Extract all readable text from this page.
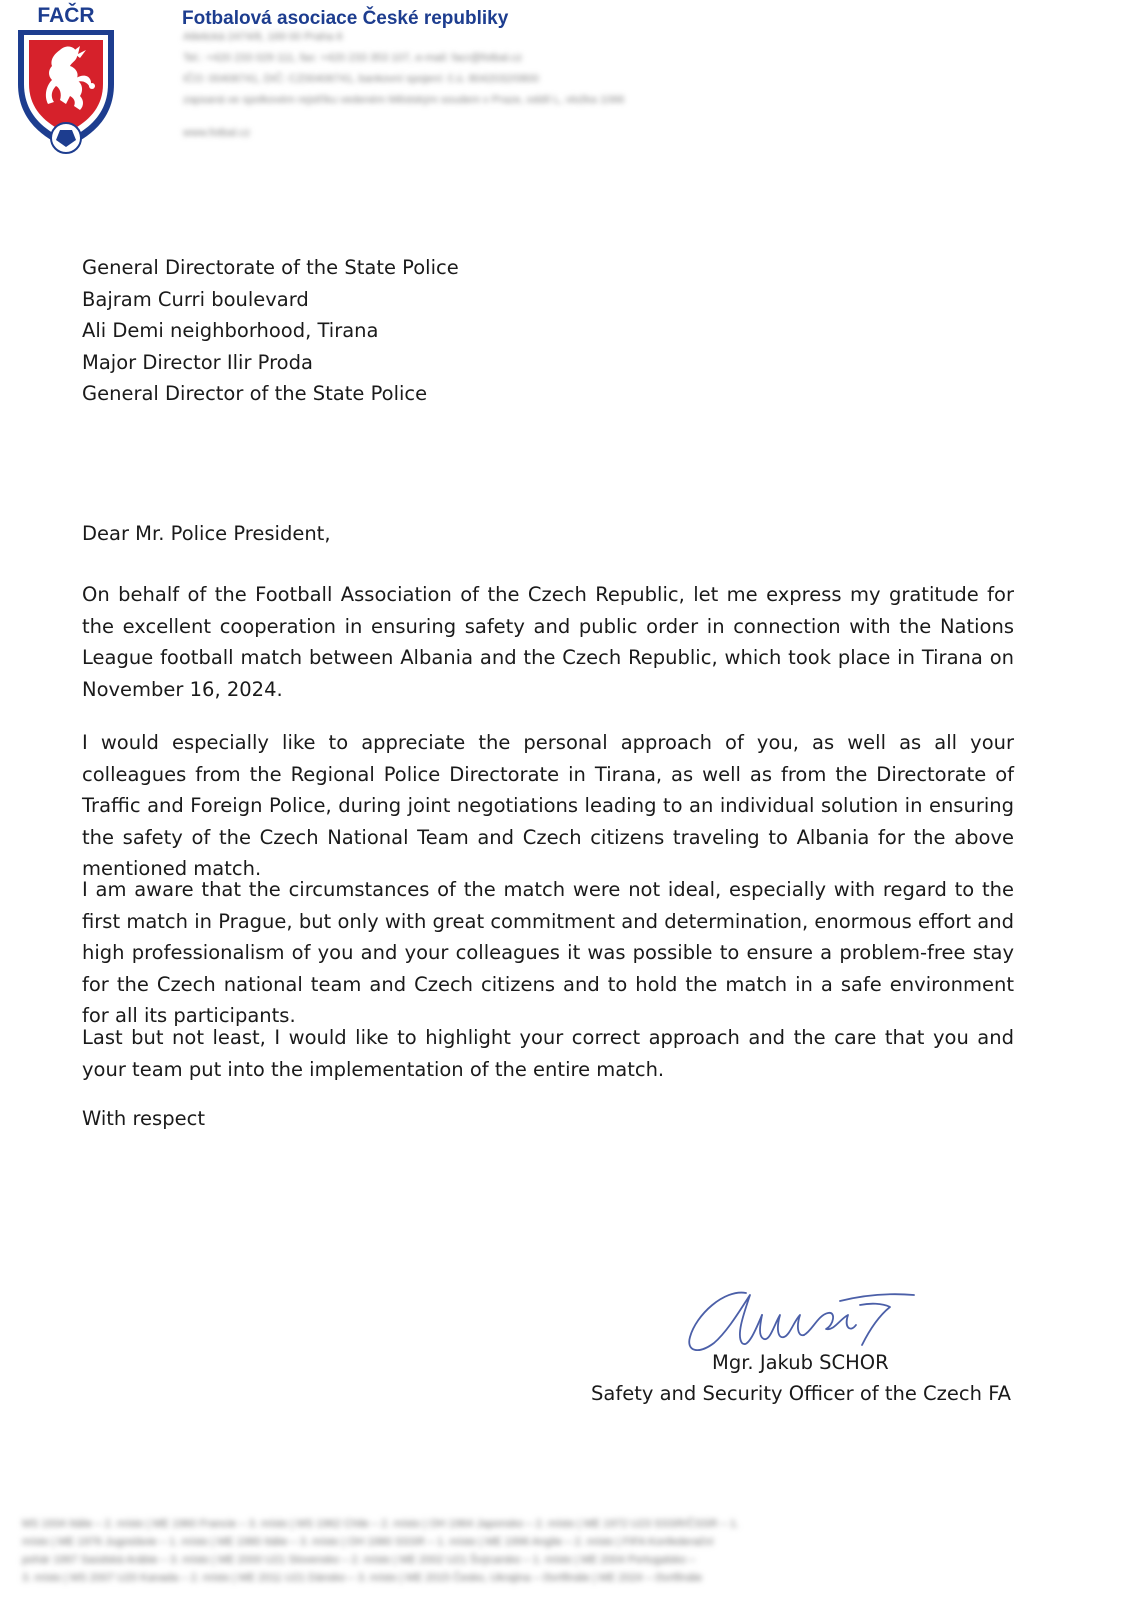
FAČR	Fotbalová asociace České republiky
Atletická 2474/8, 169 00 Praha 6
Tel.: +420 233 029 111, fax: +420 233 353 107, e-mail: facr@fotbal.cz
IČO: 00406741, DIČ: CZ00406741, bankovní spojení: č.ú. 8042032/0800
zapsaná ve spolkovém rejstříku vedeném Městským soudem v Praze, oddíl L, vložka 1066
www.fotbal.cz
General Directorate of the State Police
Bajram Curri boulevard
Ali Demi neighborhood, Tirana
Major Director Ilir Proda
General Director of the State Police
Dear Mr. Police President,

On behalf of the Football Association of the Czech Republic, let me express my gratitude for the excellent cooperation in ensuring safety and public order in connection with the Nations League football match between Albania and the Czech Republic, which took place in Tirana on November 16, 2024.

I would especially like to appreciate the personal approach of you, as well as all your colleagues from the Regional Police Directorate in Tirana, as well as from the Directorate of Traffic and Foreign Police, during joint negotiations leading to an individual solution in ensuring the safety of the Czech National Team and Czech citizens traveling to Albania for the above mentioned match.

I am aware that the circumstances of the match were not ideal, especially with regard to the first match in Prague, but only with great commitment and determination, enormous effort and high professionalism of you and your colleagues it was possible to ensure a problem-free stay for the Czech national team and Czech citizens and to hold the match in a safe environment for all its participants.

Last but not least, I would like to highlight your correct approach and the care that you and your team put into the implementation of the entire match.

With respect
Mgr. Jakub SCHOR
Safety and Security Officer of the Czech FA
MS 1934 Itálie – 2. místo | ME 1960 Francie – 3. místo | MS 1962 Chile – 2. místo | OH 1964 Japonsko – 2. místo | ME 1972 U23 SSSR/ČSSR – 1.
místo | ME 1976 Jugoslávie – 1. místo | ME 1980 Itálie – 3. místo | OH 1980 SSSR – 1. místo | ME 1996 Anglie – 2. místo | FIFA Konfederační
pohár 1997 Saúdská Arábie – 3. místo | ME 2000 U21 Slovensko – 2. místo | ME 2002 U21 Švýcarsko – 1. místo | ME 2004 Portugalsko –
3. místo | MS 2007 U20 Kanada – 2. místo | ME 2011 U21 Dánsko – 3. místo | ME 2015 Česko, Ukrajina – čtvrtfinále | ME 2024 – čtvrtfinále
